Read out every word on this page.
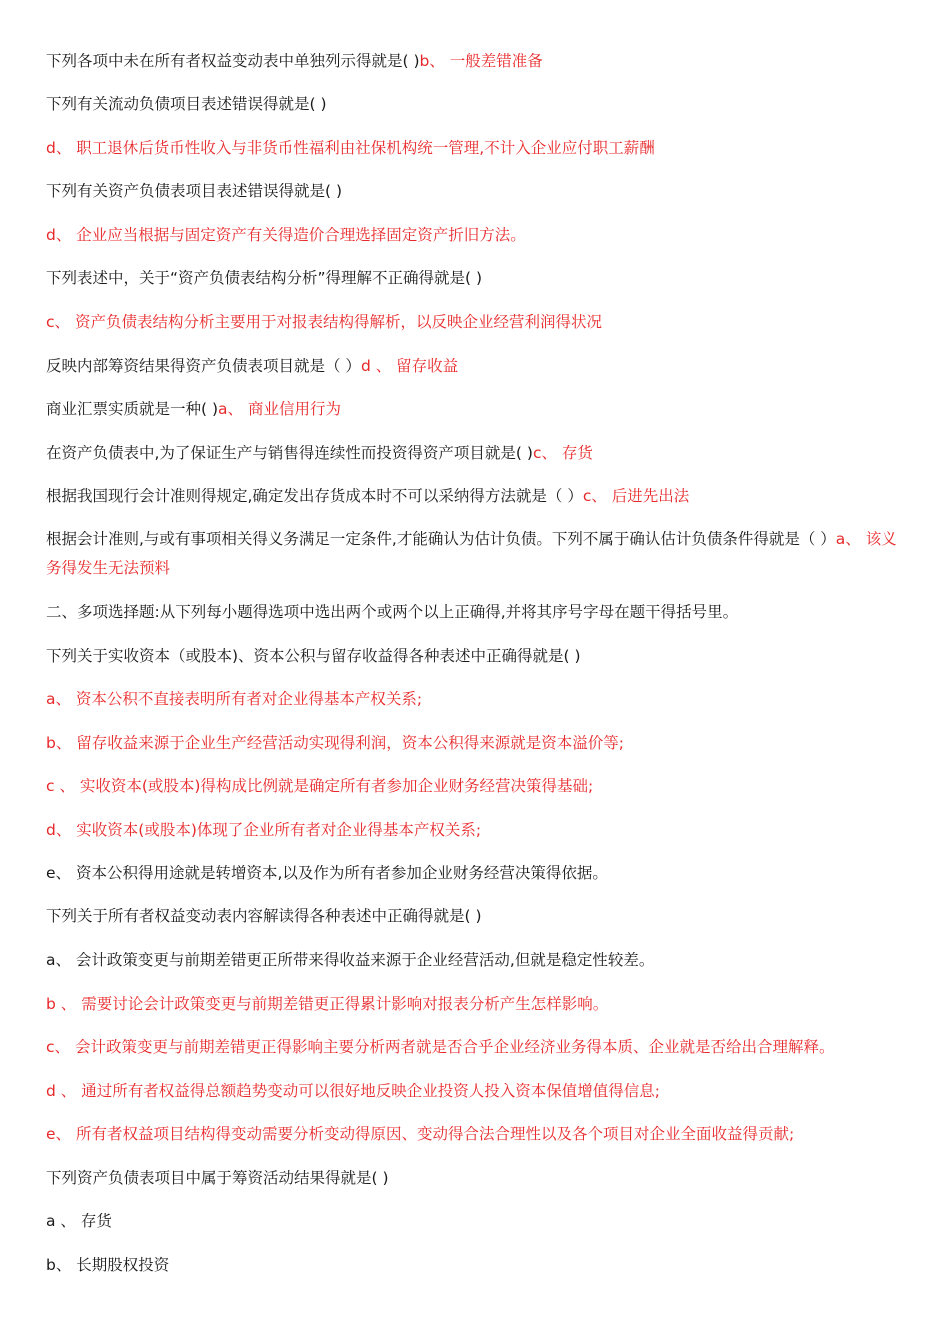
下列各项中未在所有者权益变动表中单独列示得就是( )b、 一般差错准备
下列有关流动负债项目表述错误得就是( )
d、 职工退休后货币性收入与非货币性福利由社保机构统一管理,不计入企业应付职工薪酬
下列有关资产负债表项目表述错误得就是( )
d、 企业应当根据与固定资产有关得造价合理选择固定资产折旧方法。
下列表述中，关于“资产负债表结构分析”得理解不正确得就是( )
c、 资产负债表结构分析主要用于对报表结构得解析，以反映企业经营利润得状况
反映内部筹资结果得资产负债表项目就是（ ）d 、 留存收益
商业汇票实质就是一种( )a、 商业信用行为
在资产负债表中,为了保证生产与销售得连续性而投资得资产项目就是( )c、 存货
根据我国现行会计准则得规定,确定发出存货成本时不可以采纳得方法就是（ ）c、 后进先出法
根据会计准则,与或有事项相关得义务满足一定条件,才能确认为估计负债。下列不属于确认估计负债条件得就是（ ）a、 该义务得发生无法预料
二、多项选择题:从下列每小题得选项中选出两个或两个以上正确得,并将其序号字母在题干得括号里。
下列关于实收资本（或股本)、资本公积与留存收益得各种表述中正确得就是( )
a、 资本公积不直接表明所有者对企业得基本产权关系;
b、 留存收益来源于企业生产经营活动实现得利润，资本公积得来源就是资本溢价等;
c 、 实收资本(或股本)得构成比例就是确定所有者参加企业财务经营决策得基础;
d、 实收资本(或股本)体现了企业所有者对企业得基本产权关系;
e、 资本公积得用途就是转增资本,以及作为所有者参加企业财务经营决策得依据。
下列关于所有者权益变动表内容解读得各种表述中正确得就是( )
a、 会计政策变更与前期差错更正所带来得收益来源于企业经营活动,但就是稳定性较差。
b 、 需要讨论会计政策变更与前期差错更正得累计影响对报表分析产生怎样影响。
c、 会计政策变更与前期差错更正得影响主要分析两者就是否合乎企业经济业务得本质、企业就是否给出合理解释。
d 、 通过所有者权益得总额趋势变动可以很好地反映企业投资人投入资本保值增值得信息;
e、 所有者权益项目结构得变动需要分析变动得原因、变动得合法合理性以及各个项目对企业全面收益得贡献;
下列资产负债表项目中属于筹资活动结果得就是( )
a 、 存货
b、 长期股权投资
